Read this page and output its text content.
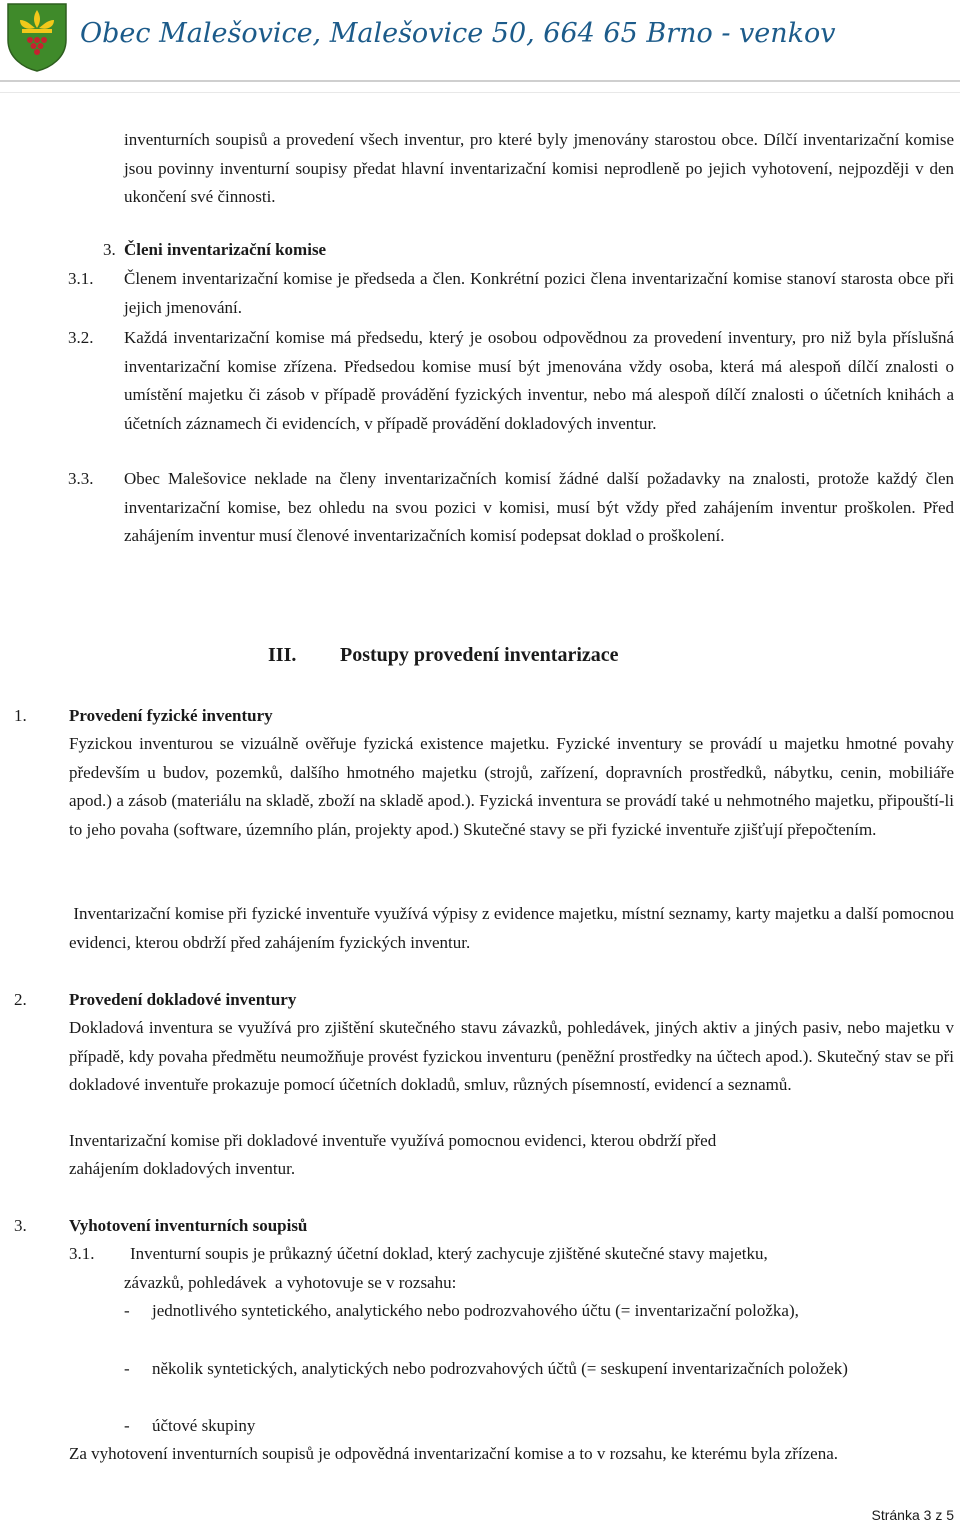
Obec Malešovice, Malešovice 50, 664 65 Brno - venkov

inventurních soupisů a provedení všech inventur, pro které byly jmenovány starostou obce. Dílčí inventarizační komise jsou povinny inventurní soupisy předat hlavní inventarizační komisi neprodleně po jejich vyhotovení, nejpozději v den ukončení své činnosti.

3. Členi inventarizační komise
3.1. Členem inventarizační komise je předseda a člen. Konkrétní pozici člena inventarizační komise stanoví starosta obce při jejich jmenování.

3.2. Každá inventarizační komise má předsedu, který je osobou odpovědnou za provedení inventury, pro niž byla příslušná inventarizační komise zřízena. Předsedou komise musí být jmenována vždy osoba, která má alespoň dílčí znalosti o umístění majetku či zásob v případě provádění fyzických inventur, nebo má alespoň dílčí znalosti o účetních knihách a účetních záznamech či evidencích, v případě provádění dokladových inventur.

3.3. Obec Malešovice neklade na členy inventarizačních komisí žádné další požadavky na znalosti, protože každý člen inventarizační komise, bez ohledu na svou pozici v komisi, musí být vždy před zahájením inventur proškolen. Před zahájením inventur musí členové inventarizačních komisí podepsat doklad o proškolení.

III. Postupy provedení inventarizace
1. Provedení fyzické inventury

Fyzickou inventurou se vizuálně ověřuje fyzická existence majetku. Fyzické inventury se provádí u majetku hmotné povahy především u budov, pozemků, dalšího hmotného majetku (strojů, zařízení, dopravních prostředků, nábytku, cenin, mobiliáře apod.) a zásob (materiálu na skladě, zboží na skladě apod.). Fyzická inventura se provádí také u nehmotného majetku, připouští-li to jeho povaha (software, územního plán, projekty apod.) Skutečné stavy se při fyzické inventuře zjišťují přepočtením.

Inventarizační komise při fyzické inventuře využívá výpisy z evidence majetku, místní seznamy, karty majetku a další pomocnou evidenci, kterou obdrží před zahájením fyzických inventur.

2. Provedení dokladové inventury

Dokladová inventura se využívá pro zjištění skutečného stavu závazků, pohledávek, jiných aktiv a jiných pasiv, nebo majetku v případě, kdy povaha předmětu neumožňuje provést fyzickou inventuru (peněžní prostředky na účtech apod.). Skutečný stav se při dokladové inventuře prokazuje pomocí účetních dokladů, smluv, různých písemností, evidencí a seznamů.

Inventarizační komise při dokladové inventuře využívá pomocnou evidenci, kterou obdrží před
zahájením dokladových inventur.
3. Vyhotovení inventurních soupisů
3.1. Inventurní soupis je průkazný účetní doklad, který zachycuje zjištěné skutečné stavy majetku,
závazků, pohledávek  a vyhotovuje se v rozsahu:
- jednotlivého syntetického, analytického nebo podrozvahového účtu (= inventarizační položka),

- několik syntetických, analytických nebo podrozvahových účtů (= seskupení inventarizačních položek)

- účtové skupiny

Za vyhotovení inventurních soupisů je odpovědná inventarizační komise a to v rozsahu, ke kterému byla zřízena.

Stránka 3 z 5
